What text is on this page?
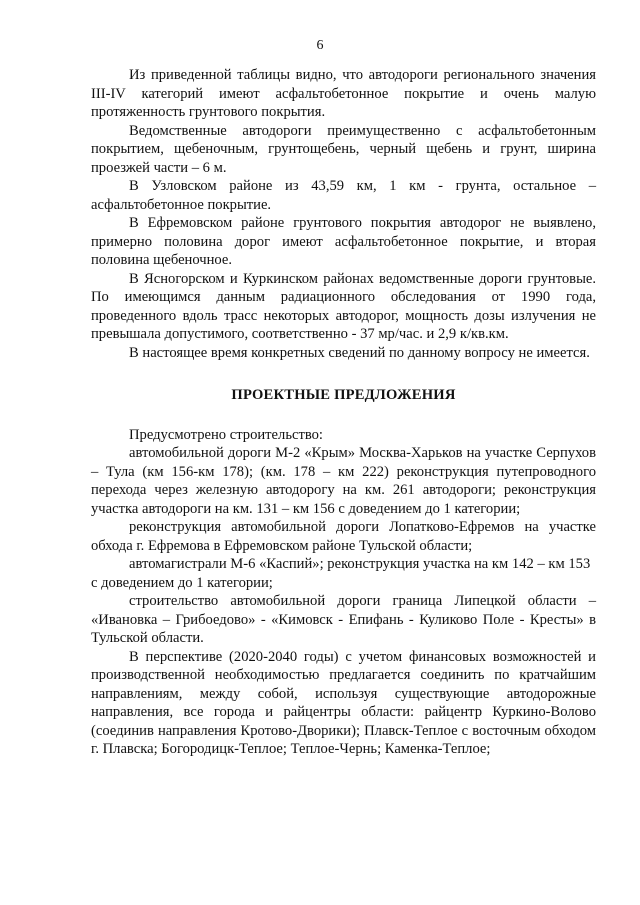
6

Из приведенной таблицы видно, что автодороги регионального значения III-IV категорий имеют асфальтобетонное покрытие и очень малую протяженность грунтового покрытия.

Ведомственные автодороги преимущественно с асфальтобетонным покрытием, щебеночным, грунтощебень, черный щебень и грунт, ширина проезжей части – 6 м.

В Узловском районе из 43,59 км, 1 км - грунта, остальное – асфальтобетонное покрытие.

В Ефремовском районе грунтового покрытия автодорог не выявлено, примерно половина дорог имеют асфальтобетонное покрытие, и вторая половина щебеночное.

В Ясногорском и Куркинском районах ведомственные дороги грунтовые. По имеющимся данным радиационного обследования от 1990 года, проведенного вдоль трасс некоторых автодорог, мощность дозы излучения не превышала допустимого, соответственно - 37 мр/час. и 2,9 к/кв.км.

В настоящее время конкретных сведений по данному вопросу не имеется.

ПРОЕКТНЫЕ ПРЕДЛОЖЕНИЯ

Предусмотрено строительство:

автомобильной дороги М-2 «Крым» Москва-Харьков на участке Серпухов – Тула (км 156-км 178); (км. 178 – км 222) реконструкция путепроводного перехода через железную автодорогу на км. 261 автодороги; реконструкция участка автодороги на км. 131 – км 156 с доведением до 1 категории;

реконструкция автомобильной дороги Лопатково-Ефремов на участке обхода г. Ефремова в Ефремовском районе Тульской области;

автомагистрали М-6 «Каспий»; реконструкция участка на км 142 – км 153

с доведением до 1 категории;

строительство автомобильной дороги граница Липецкой области – «Ивановка – Грибоедово» - «Кимовск - Епифань - Куликово Поле - Кресты» в Тульской области.

В перспективе (2020-2040 годы) с учетом финансовых возможностей и производственной необходимостью предлагается соединить по кратчайшим направлениям, между собой, используя существующие автодорожные направления, все города и райцентры области: райцентр Куркино-Волово (соединив направления Кротово-Дворики); Плавск-Теплое с восточным обходом г. Плавска; Богородицк-Теплое; Теплое-Чернь; Каменка-Теплое;
